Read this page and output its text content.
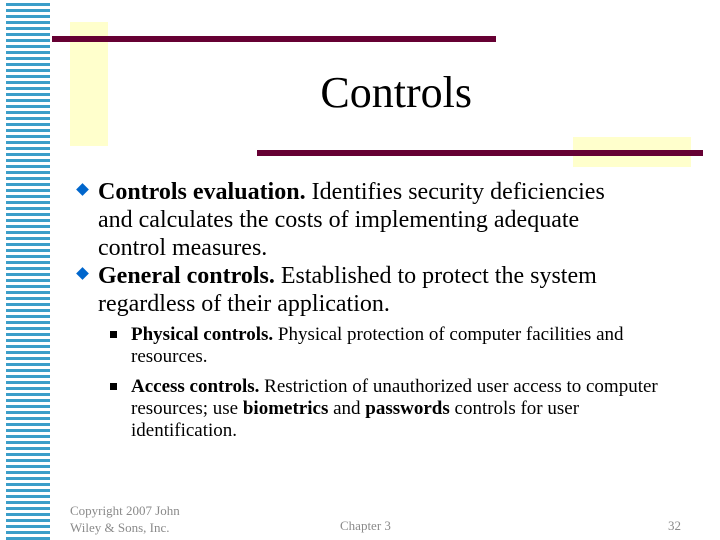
Controls
Controls evaluation. Identifies security deficiencies and calculates the costs of implementing adequate control measures.
General controls. Established to protect the system regardless of their application.
Physical controls. Physical protection of computer facilities and resources.
Access controls. Restriction of unauthorized user access to computer resources; use biometrics and passwords controls for user identification.
Copyright 2007 John Wiley & Sons, Inc.	Chapter 3	32
